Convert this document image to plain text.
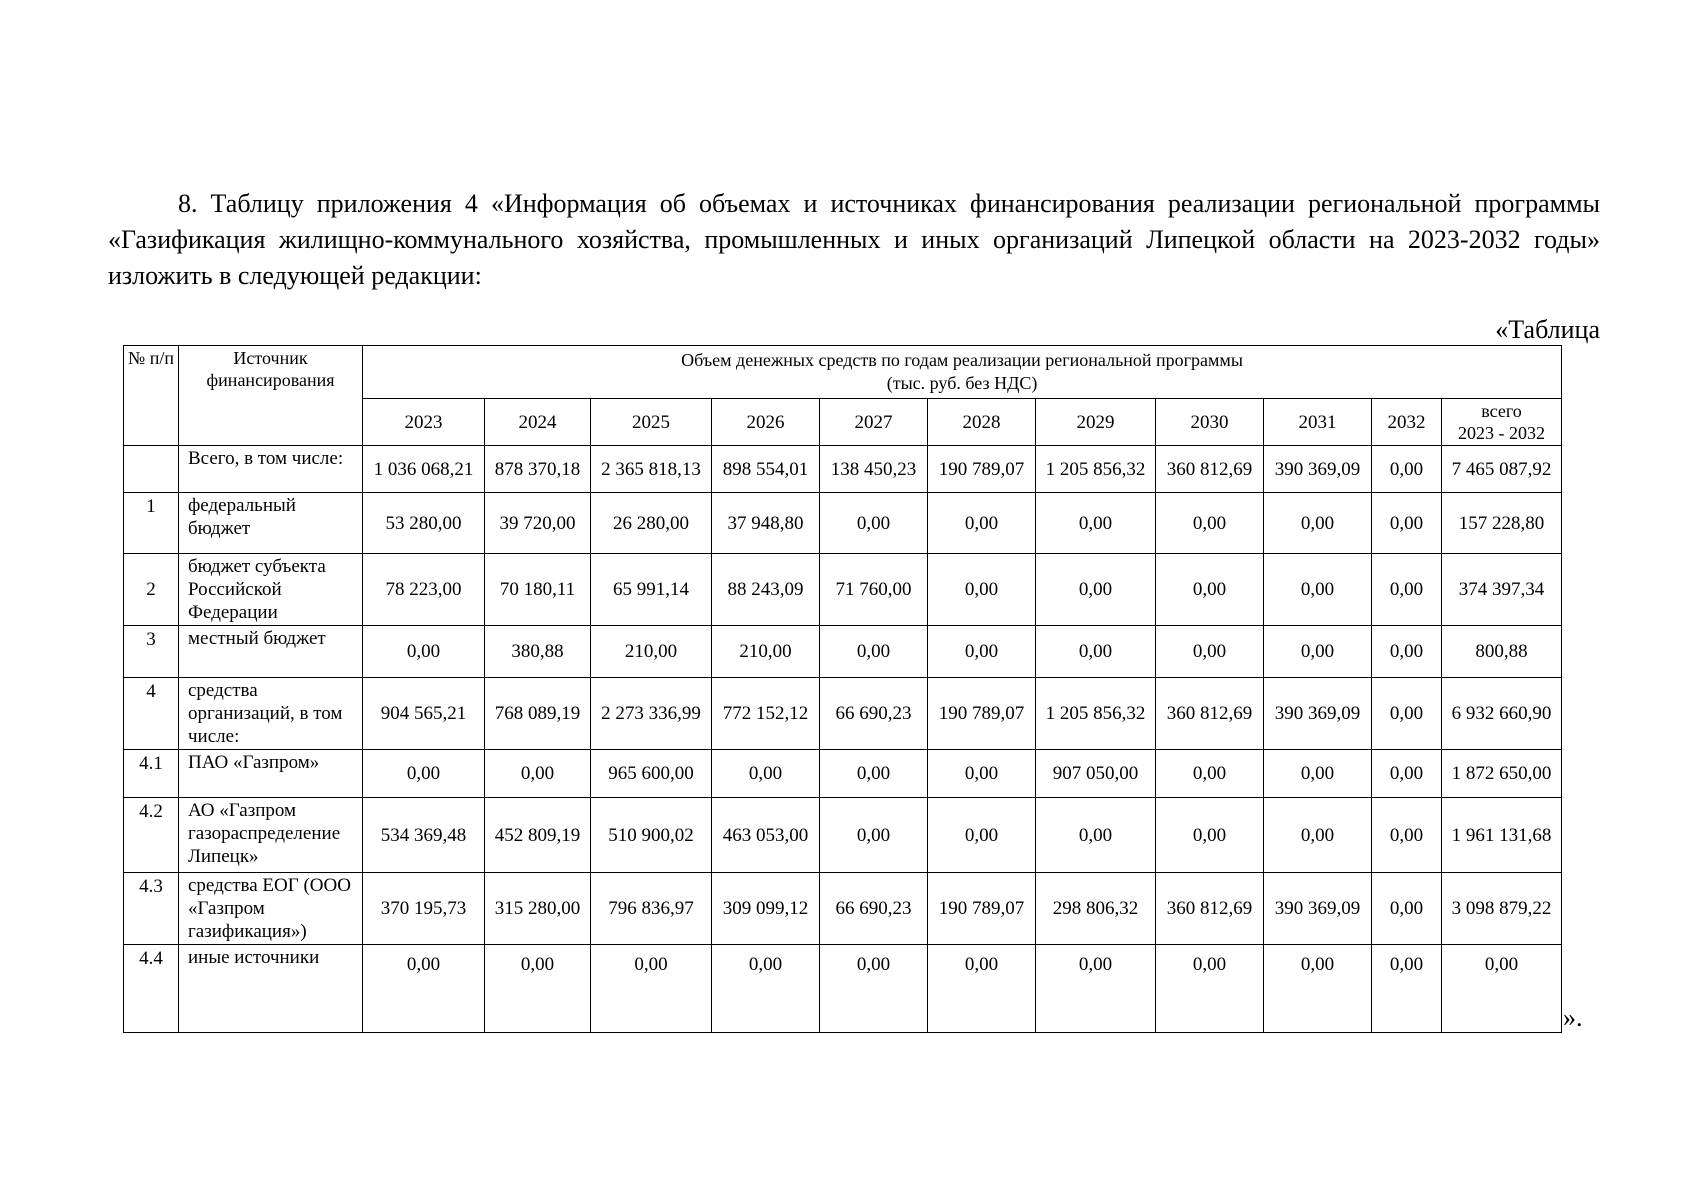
8. Таблицу приложения 4 «Информация об объемах и источниках финансирования реализации региональной программы «Газификация жилищно-коммунального хозяйства, промышленных и иных организаций Липецкой области на 2023-2032 годы» изложить в следующей редакции:

«Таблица
№ п/п	Источник финансирования	Объем денежных средств по годам реализации региональной программы
(тыс. руб. без НДС)										

		2023	2024	2025	2026	2027	2028	2029	2030	2031	2032	всего
2023 - 2032

	Всего, в том числе:	1 036 068,21	878 370,18	2 365 818,13	898 554,01	138 450,23	190 789,07	1 205 856,32	360 812,69	390 369,09	0,00	7 465 087,92
1	федеральный бюджет	53 280,00	39 720,00	26 280,00	37 948,80	0,00	0,00	0,00	0,00	0,00	0,00	157 228,80
2	бюджет субъекта Российской Федерации	78 223,00	70 180,11	65 991,14	88 243,09	71 760,00	0,00	0,00	0,00	0,00	0,00	374 397,34
3	местный бюджет	0,00	380,88	210,00	210,00	0,00	0,00	0,00	0,00	0,00	0,00	800,88
4	средства организаций, в том числе:	904 565,21	768 089,19	2 273 336,99	772 152,12	66 690,23	190 789,07	1 205 856,32	360 812,69	390 369,09	0,00	6 932 660,90
4.1	ПАО «Газпром»	0,00	0,00	965 600,00	0,00	0,00	0,00	907 050,00	0,00	0,00	0,00	1 872 650,00
4.2	АО «Газпром газораспределение Липецк»	534 369,48	452 809,19	510 900,02	463 053,00	0,00	0,00	0,00	0,00	0,00	0,00	1 961 131,68
4.3	средства ЕОГ (ООО «Газпром газификация»)	370 195,73	315 280,00	796 836,97	309 099,12	66 690,23	190 789,07	298 806,32	360 812,69	390 369,09	0,00	3 098 879,22
4.4	иные источники	0,00	0,00	0,00	0,00	0,00	0,00	0,00	0,00	0,00	0,00	0,00
».
